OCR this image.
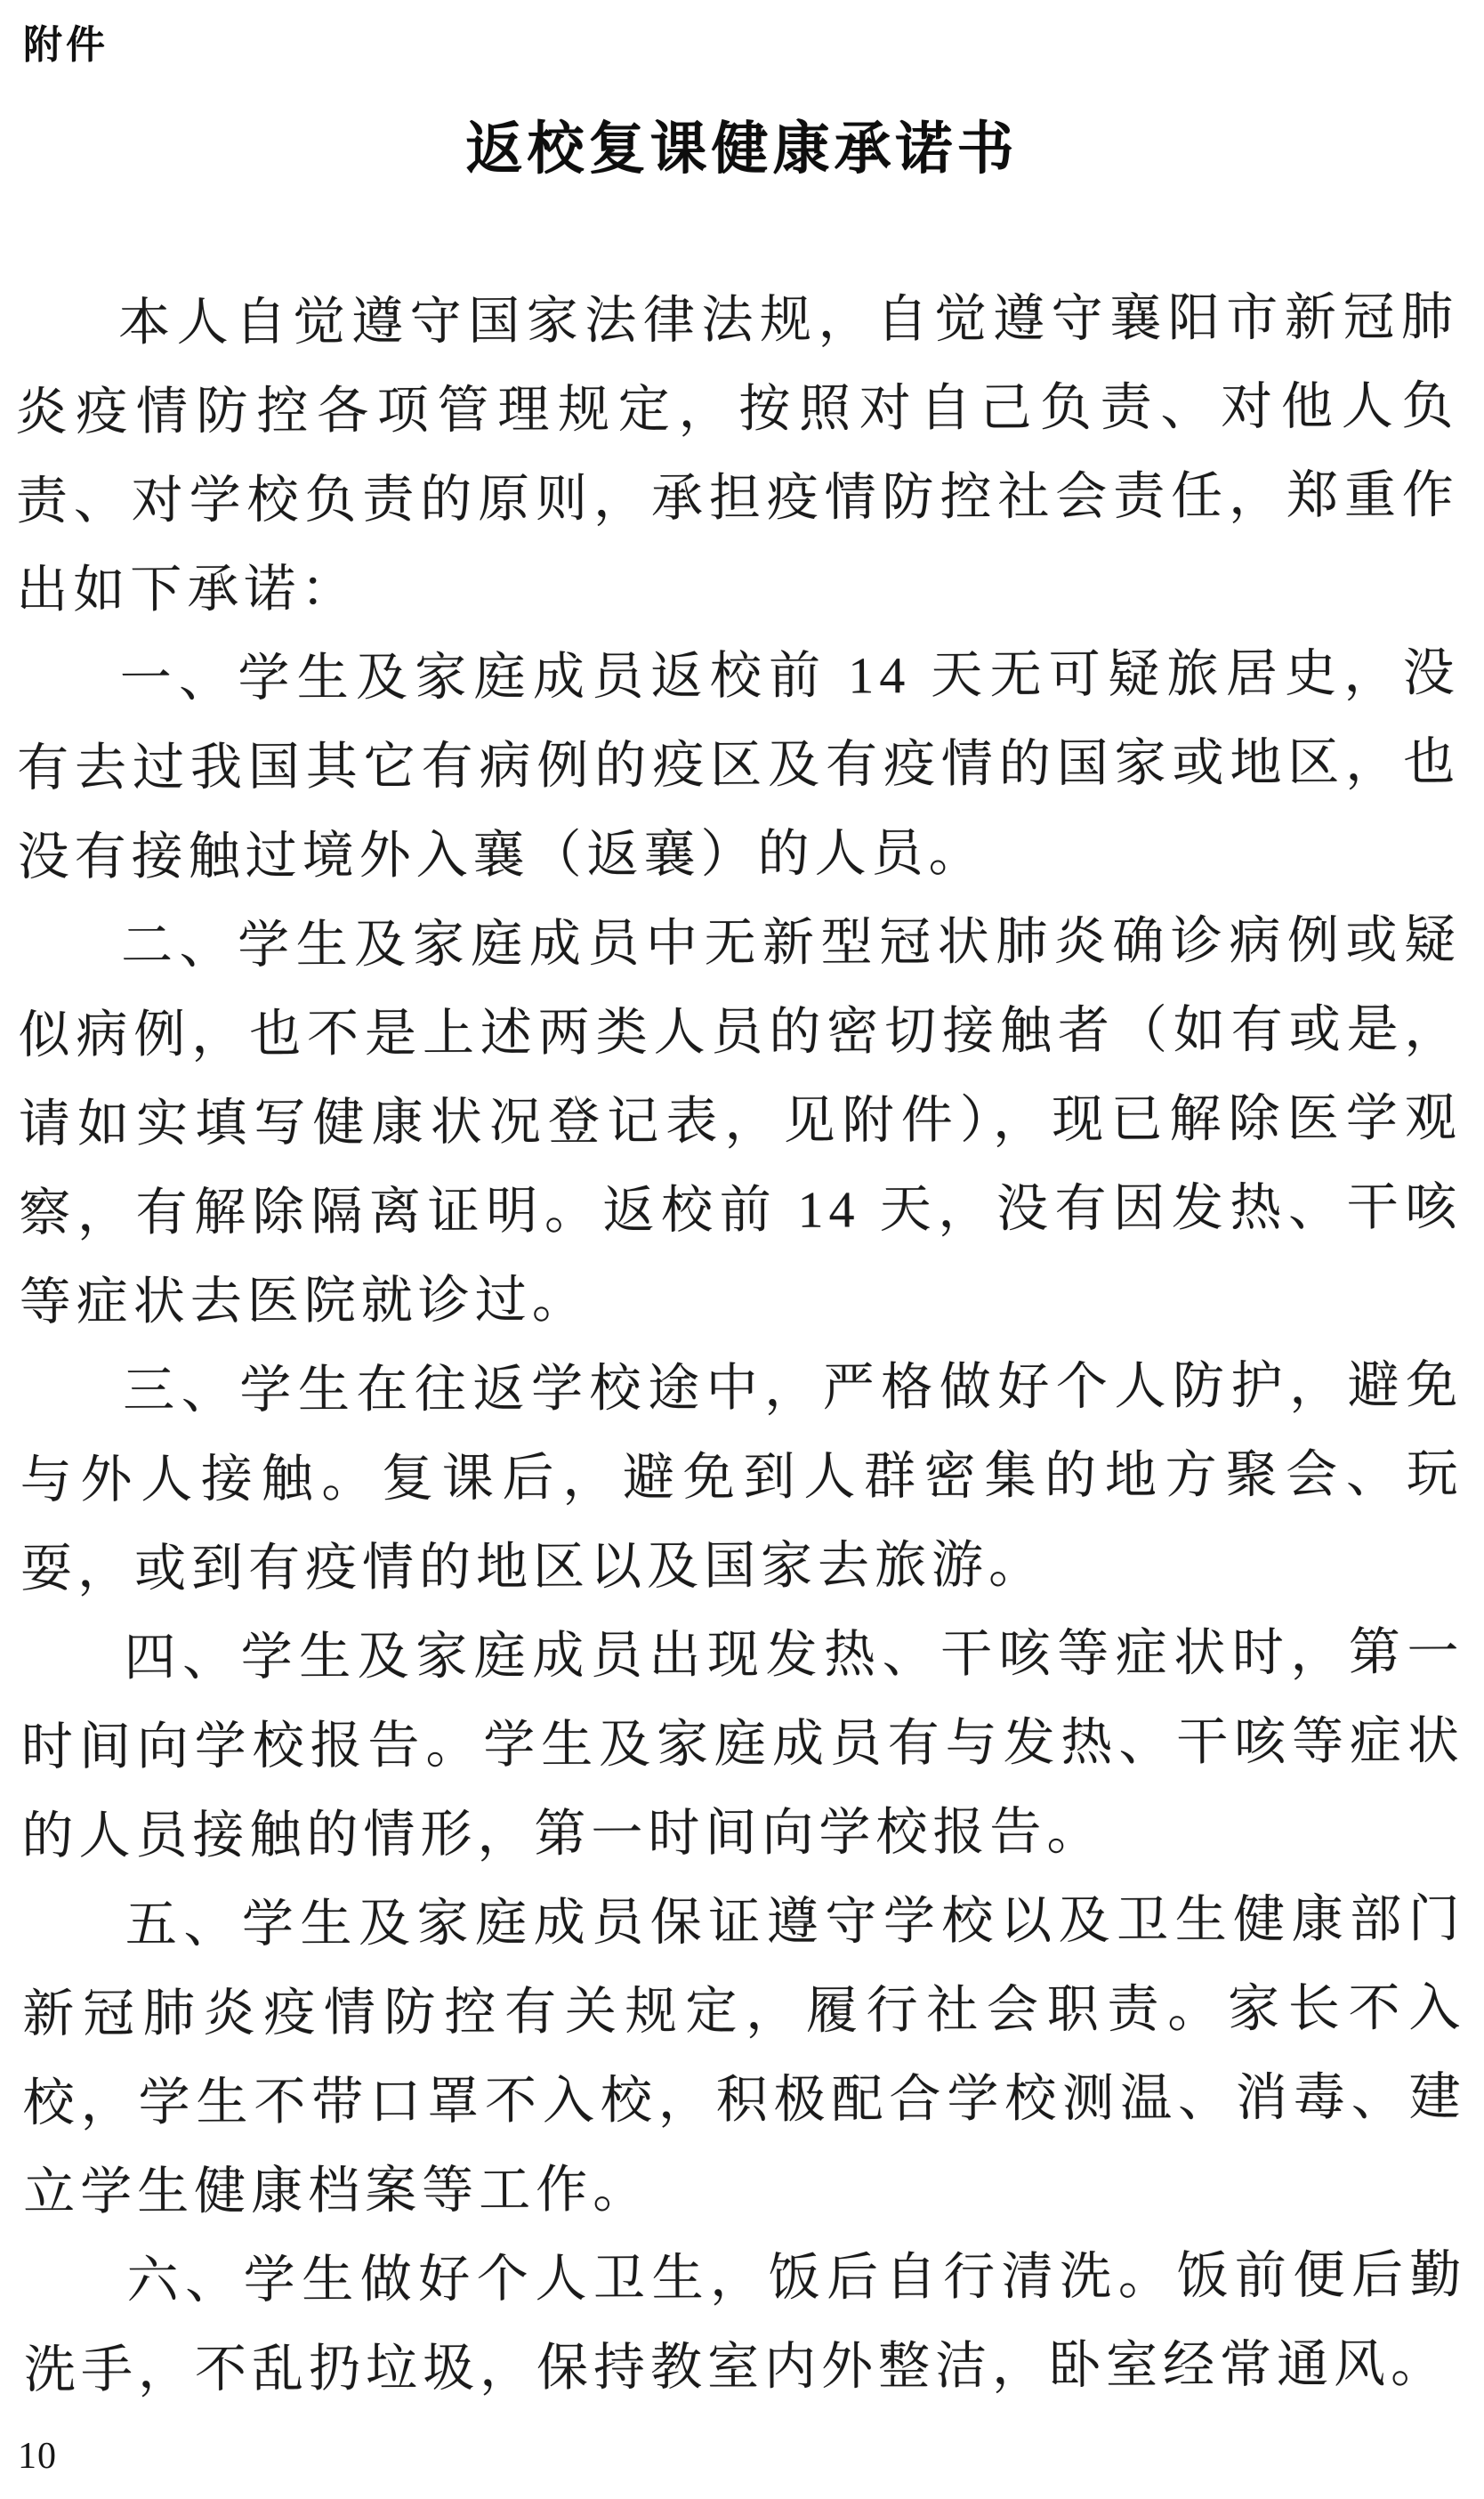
附件
返校复课健康承诺书

本人自觉遵守国家法律法规，自觉遵守襄阳市新冠肺炎疫情防控各项管理规定，按照对自己负责、对他人负责、对学校负责的原则，承担疫情防控社会责任，郑重作出如下承诺：

一、学生及家庭成员返校前 14 天无可疑旅居史，没有去过我国其它有病例的疫区及有疫情的国家或地区，也没有接触过境外入襄（返襄）的人员。

二、学生及家庭成员中无新型冠状肺炎确诊病例或疑似病例，也不是上述两类人员的密切接触者（如有或是，请如实填写健康状况登记表，见附件），现已解除医学观察，有解除隔离证明。返校前 14 天，没有因发热、干咳等症状去医院就诊过。

三、学生在往返学校途中，严格做好个人防护，避免与外人接触。复课后，避免到人群密集的地方聚会、玩耍，或到有疫情的地区以及国家去旅游。

四、学生及家庭成员出现发热、干咳等症状时，第一时间向学校报告。学生及家庭成员有与发热、干咳等症状的人员接触的情形，第一时间向学校报告。

五、学生及家庭成员保证遵守学校以及卫生健康部门新冠肺炎疫情防控有关规定，履行社会职责。家长不入校，学生不带口罩不入校，积极配合学校测温、消毒、建立学生健康档案等工作。

六、学生做好个人卫生，饭后自行清洗。饭前便后勤洗手，不乱扔垃圾，保持教室内外整洁，卧室经常通风。

10
